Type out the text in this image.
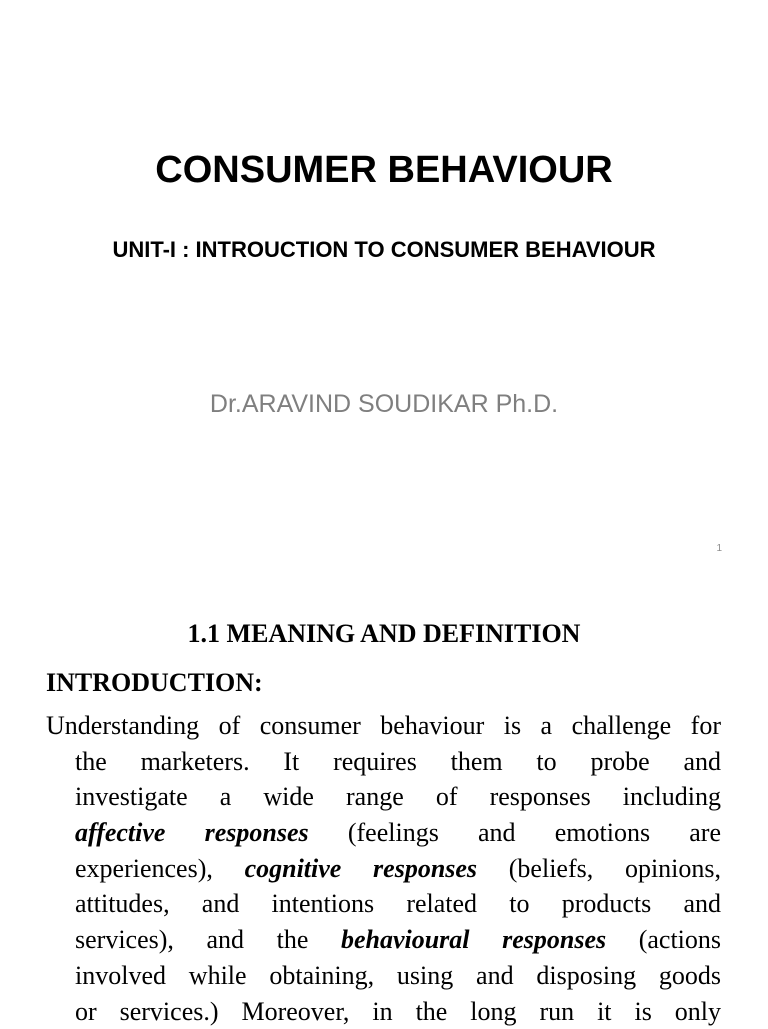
CONSUMER BEHAVIOUR
UNIT-I : INTROUCTION TO CONSUMER BEHAVIOUR
Dr.ARAVIND SOUDIKAR Ph.D.
1
1.1 MEANING AND DEFINITION
INTRODUCTION:
Understanding of consumer behaviour is a challenge for
the marketers. It requires them to probe and
investigate a wide range of responses including
affective responses (feelings and emotions are
experiences), cognitive responses (beliefs, opinions,
attitudes, and intentions related to products and
services), and the behavioural responses (actions
involved while obtaining, using and disposing goods
or services.) Moreover, in the long run it is only
